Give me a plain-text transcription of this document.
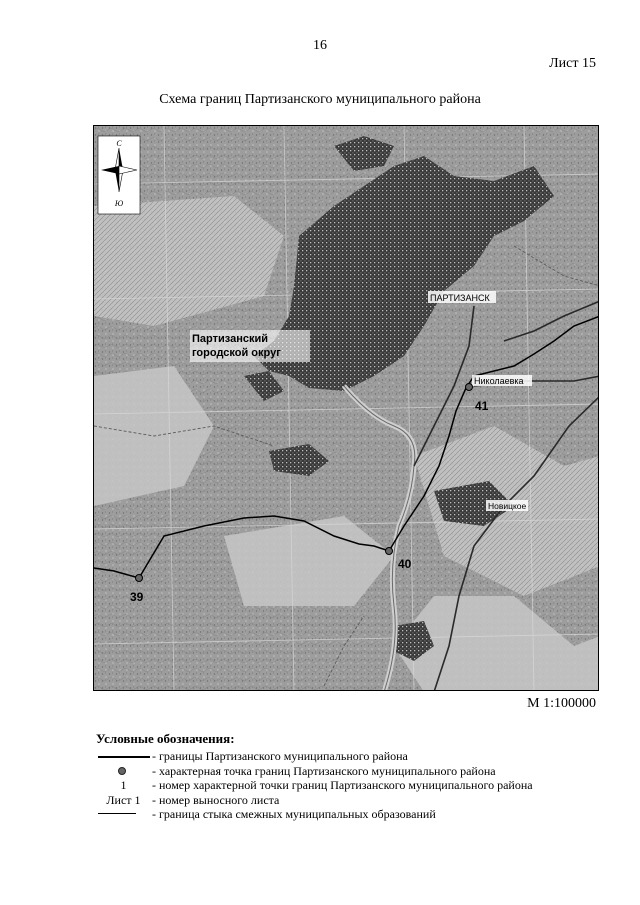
16
Лист 15
Схема границ Партизанского муниципального района
С
Ю
ПАРТИЗАНСК
Николаевка
Новицкое
Партизанский
городской округ
39
40
41
М 1:100000
Условные обозначения:
- границы Партизанского муниципального района
- характерная точка границ Партизанского муниципального района
1	- номер характерной точки границ Партизанского муниципального района
Лист 1 - номер выносного листа
- граница стыка смежных муниципальных образований
